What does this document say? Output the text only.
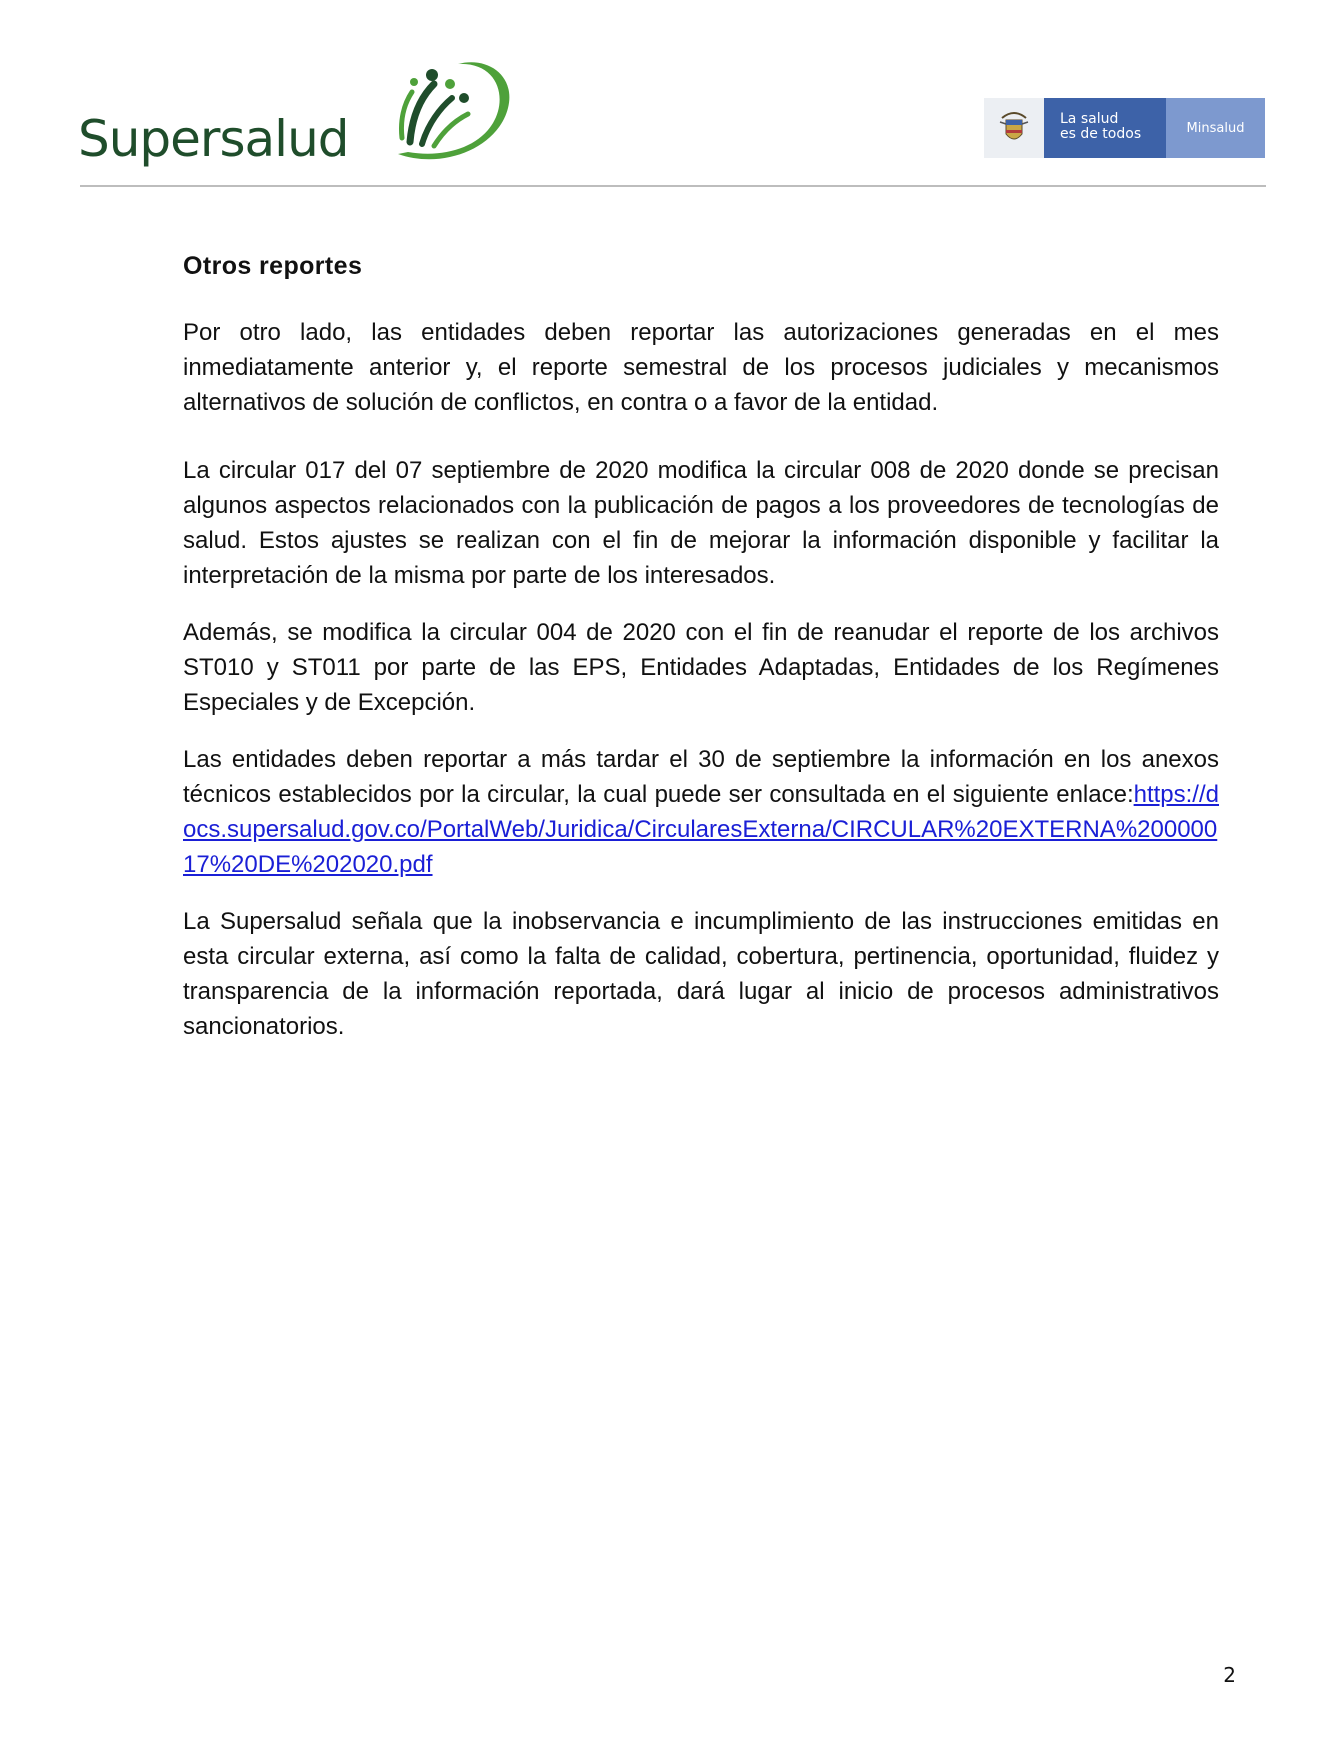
Supersalud	La salud
es de todos	Minsalud
Otros reportes

Por otro lado, las entidades deben reportar las autorizaciones generadas en el mes inmediatamente anterior y, el reporte semestral de los procesos judiciales y mecanismos alternativos de solución de conflictos, en contra o a favor de la entidad.

La circular 017 del 07 septiembre de 2020 modifica la circular 008 de 2020 donde se precisan algunos aspectos relacionados con la publicación de pagos a los proveedores de tecnologías de salud. Estos ajustes se realizan con el fin de mejorar la información disponible y facilitar la interpretación de la misma por parte de los interesados.

Además, se modifica la circular 004 de 2020 con el fin de reanudar el reporte de los archivos ST010 y ST011 por parte de las EPS, Entidades Adaptadas, Entidades de los Regímenes Especiales y de Excepción.

Las entidades deben reportar a más tardar el 30 de septiembre la información en los anexos técnicos establecidos por la circular, la cual puede ser consultada en el siguiente enlace:https://docs.supersalud.gov.co/PortalWeb/Juridica/CircularesExterna/CIRCULAR%20EXTERNA%20000017%20DE%202020.pdf

La Supersalud señala que la inobservancia e incumplimiento de las instrucciones emitidas en esta circular externa, así como la falta de calidad, cobertura, pertinencia, oportunidad, fluidez y transparencia de la información reportada, dará lugar al inicio de procesos administrativos sancionatorios.

2
